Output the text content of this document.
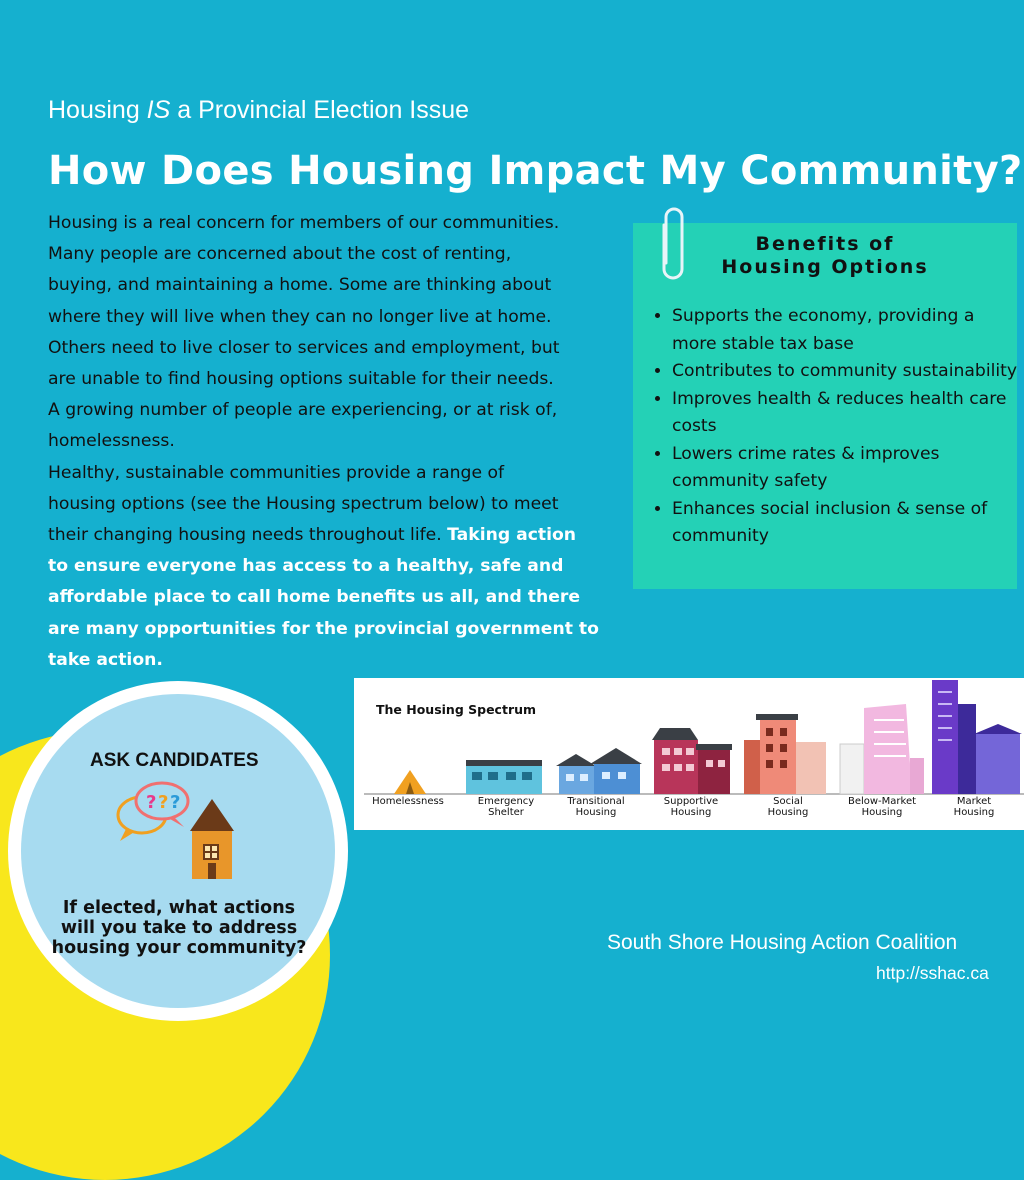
Housing IS a Provincial Election Issue
How Does Housing Impact My Community?

Housing is a real concern for members of our communities.

Many people are concerned about the cost of renting,

buying, and maintaining a home. Some are thinking about

where they will live when they can no longer live at home.

Others need to live closer to services and employment, but

are unable to find housing options suitable for their needs.

A growing number of people are experiencing, or at risk of,

homelessness.

Healthy, sustainable communities provide a range of

housing options (see the Housing spectrum below) to meet

their changing housing needs throughout life. Taking action

to ensure everyone has access to a healthy, safe and

affordable place to call home benefits us all, and there

are many opportunities for the provincial government to

take action.

Benefits of
Housing Options
• Supports the economy, providing a more stable tax base
• Contributes to community sustainability
• Improves health & reduces health care costs
• Lowers crime rates & improves community safety
• Enhances social inclusion & sense of community
The Housing Spectrum
Homelessness	Emergency
Shelter
Transitional
Housing
Supportive
Housing
Social
Housing
Below-Market
Housing
Market
Housing
ASK CANDIDATES
? ? ?
If elected, what actions will you take to address housing your community?	South Shore Housing Action Coalition
http://sshac.ca
